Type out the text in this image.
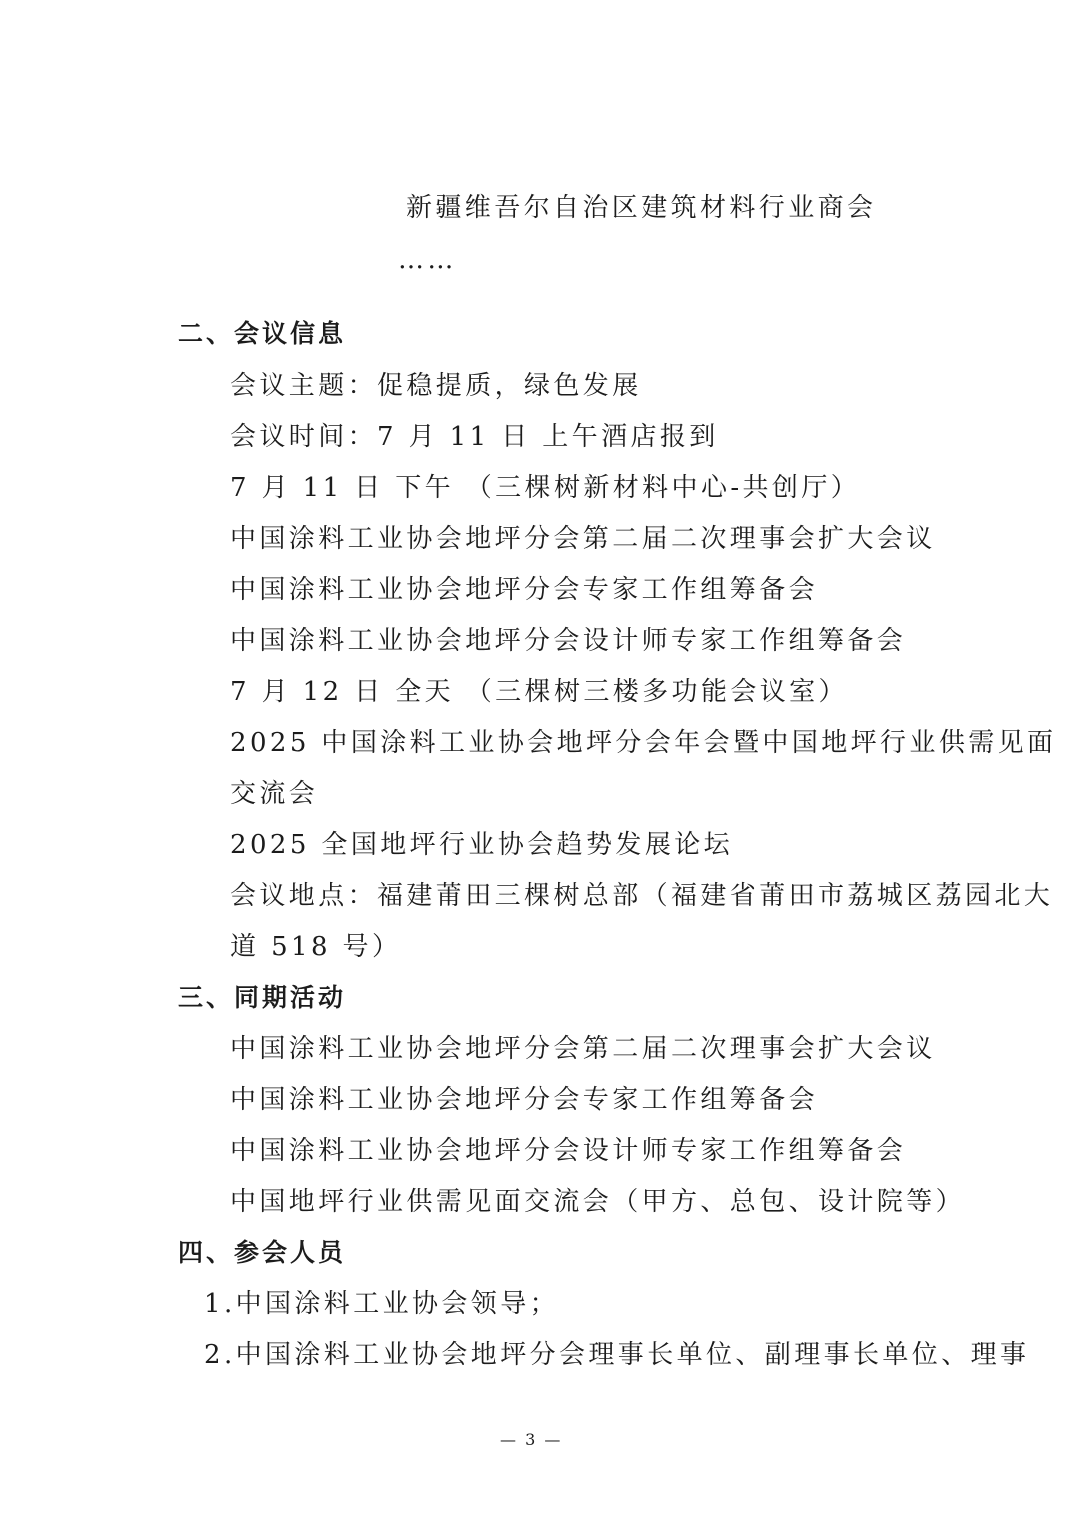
新疆维吾尔自治区建筑材料行业商会
……
二、会议信息
会议主题：促稳提质，绿色发展
会议时间：7 月 11 日 上午酒店报到
7 月 11 日 下午 （三棵树新材料中心-共创厅）
中国涂料工业协会地坪分会第二届二次理事会扩大会议
中国涂料工业协会地坪分会专家工作组筹备会
中国涂料工业协会地坪分会设计师专家工作组筹备会
7 月 12 日 全天 （三棵树三楼多功能会议室）
2025 中国涂料工业协会地坪分会年会暨中国地坪行业供需见面
交流会
2025 全国地坪行业协会趋势发展论坛
会议地点：福建莆田三棵树总部（福建省莆田市荔城区荔园北大
道 518 号）
三、同期活动
中国涂料工业协会地坪分会第二届二次理事会扩大会议
中国涂料工业协会地坪分会专家工作组筹备会
中国涂料工业协会地坪分会设计师专家工作组筹备会
中国地坪行业供需见面交流会（甲方、总包、设计院等）
四、参会人员
1.中国涂料工业协会领导；
2.中国涂料工业协会地坪分会理事长单位、副理事长单位、理事
— 3 —
